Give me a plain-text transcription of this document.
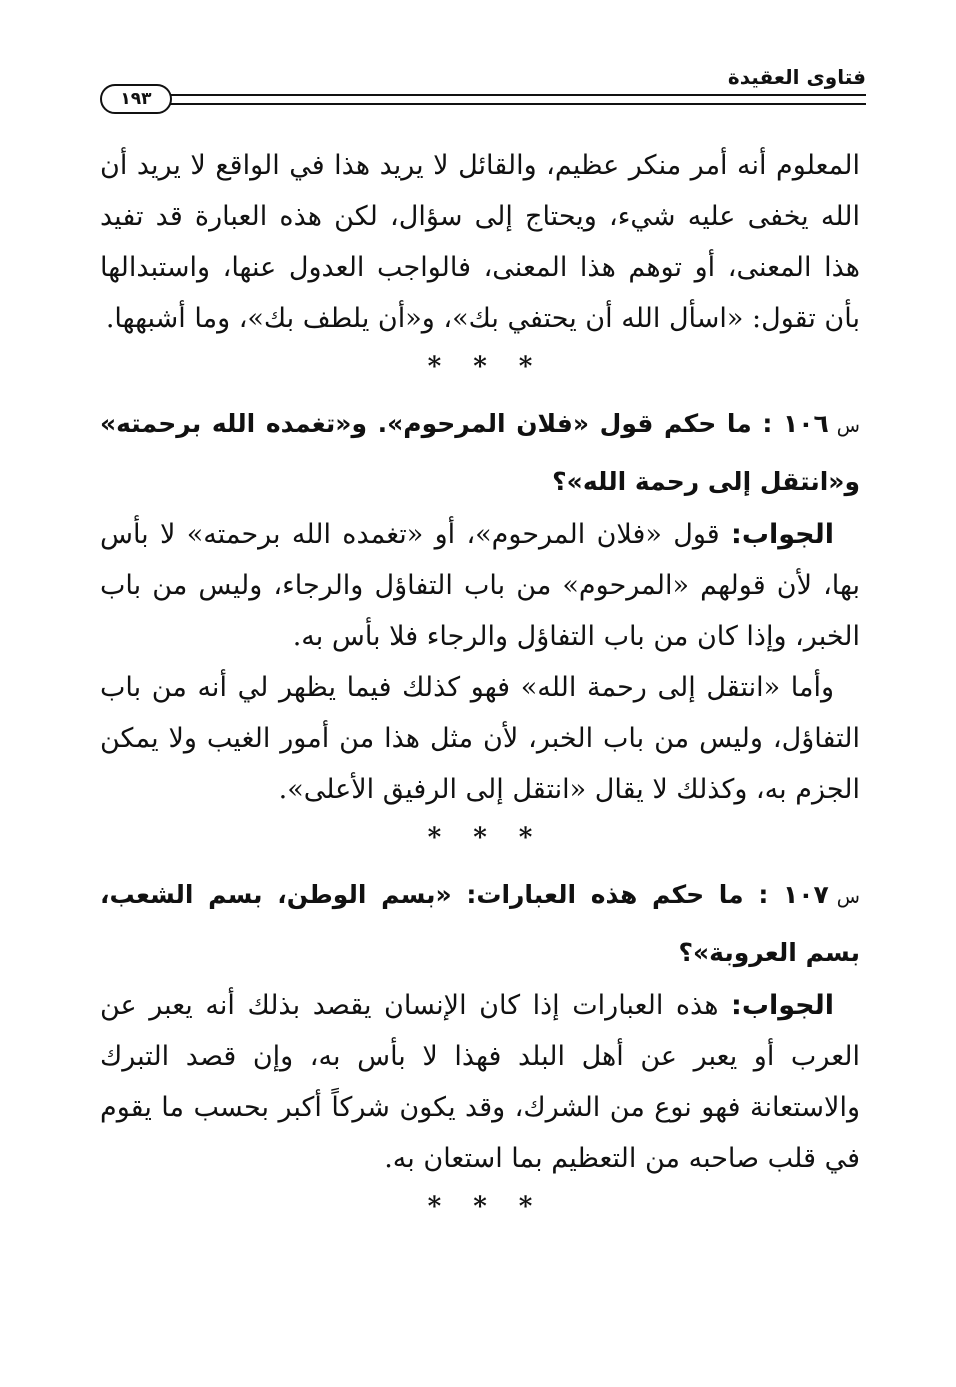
فتاوى العقيدة
١٩٣

المعلوم أنه أمر منكر عظيم، والقائل لا يريد هذا في الواقع لا يريد أن الله يخفى عليه شيء، ويحتاج إلى سؤال، لكن هذه العبارة قد تفيد هذا المعنى، أو توهم هذا المعنى، فالواجب العدول عنها، واستبدالها بأن تقول: «اسأل الله أن يحتفي بك»، و«أن يلطف بك»، وما أشبهها.

***

س١٠٦ : ما حكم قول «فلان المرحوم». و«تغمده الله برحمته» و«انتقل إلى رحمة الله»؟

الجواب: قول «فلان المرحوم»، أو «تغمده الله برحمته» لا بأس بها، لأن قولهم «المرحوم» من باب التفاؤل والرجاء، وليس من باب الخبر، وإذا كان من باب التفاؤل والرجاء فلا بأس به.

وأما «انتقل إلى رحمة الله» فهو كذلك فيما يظهر لي أنه من باب التفاؤل، وليس من باب الخبر، لأن مثل هذا من أمور الغيب ولا يمكن الجزم به، وكذلك لا يقال «انتقل إلى الرفيق الأعلى».

***

س١٠٧ : ما حكم هذه العبارات: «بسم الوطن، بسم الشعب، بسم العروبة»؟

الجواب: هذه العبارات إذا كان الإنسان يقصد بذلك أنه يعبر عن العرب أو يعبر عن أهل البلد فهذا لا بأس به، وإن قصد التبرك والاستعانة فهو نوع من الشرك، وقد يكون شركاً أكبر بحسب ما يقوم في قلب صاحبه من التعظيم بما استعان به.

***
